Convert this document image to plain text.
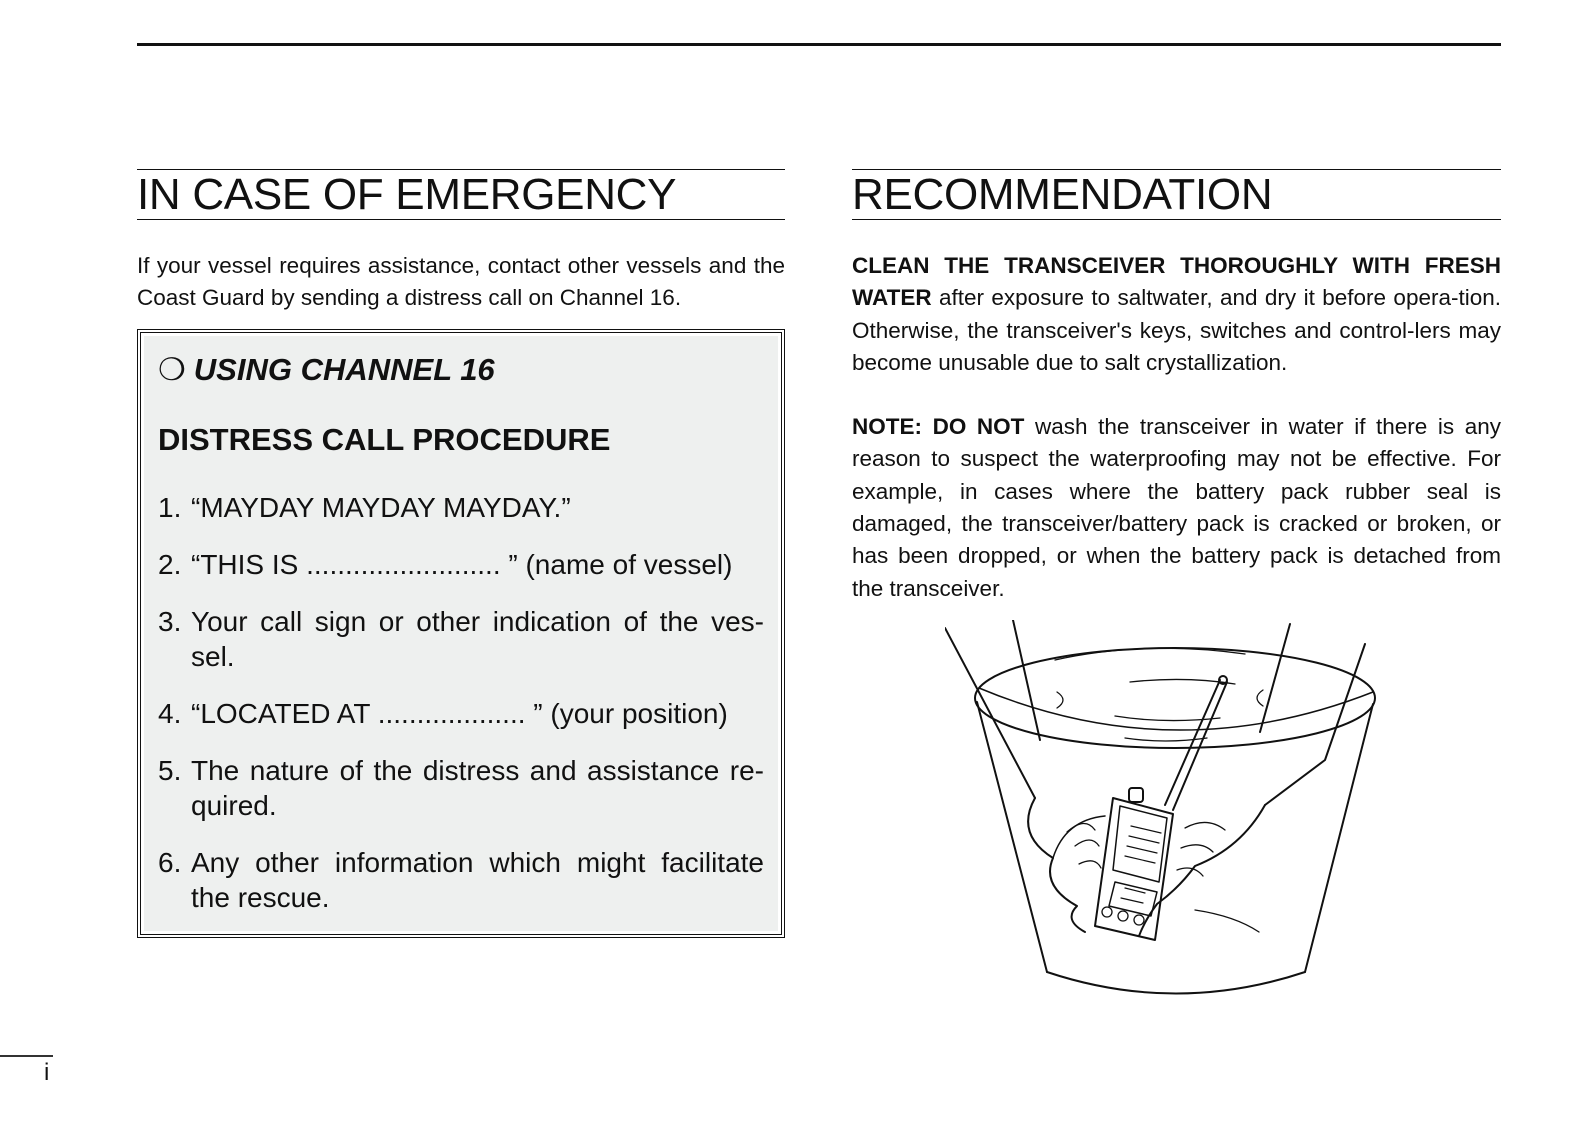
IN CASE OF EMERGENCY

If your vessel requires assistance, contact other vessels and the Coast Guard by sending a distress call on Channel 16.

❍ USING CHANNEL 16

DISTRESS CALL PROCEDURE

1. “MAYDAY MAYDAY MAYDAY.”
2. “THIS IS ......................... ” (name of vessel)
3. Your call sign or other indication of the ves-sel.
4. “LOCATED AT ................... ” (your position)
5. The nature of the distress and assistance re-quired.
6. Any other information which might facilitate the rescue.
RECOMMENDATION

CLEAN THE TRANSCEIVER THOROUGHLY WITH FRESH WATER after exposure to saltwater, and dry it before opera-tion. Otherwise, the transceiver's keys, switches and control-lers may become unusable due to salt crystallization.

NOTE: DO NOT wash the transceiver in water if there is any reason to suspect the waterproofing may not be effective. For example, in cases where the battery pack rubber seal is damaged, the transceiver/battery pack is cracked or broken, or has been dropped, or when the battery pack is detached from the transceiver.

i
